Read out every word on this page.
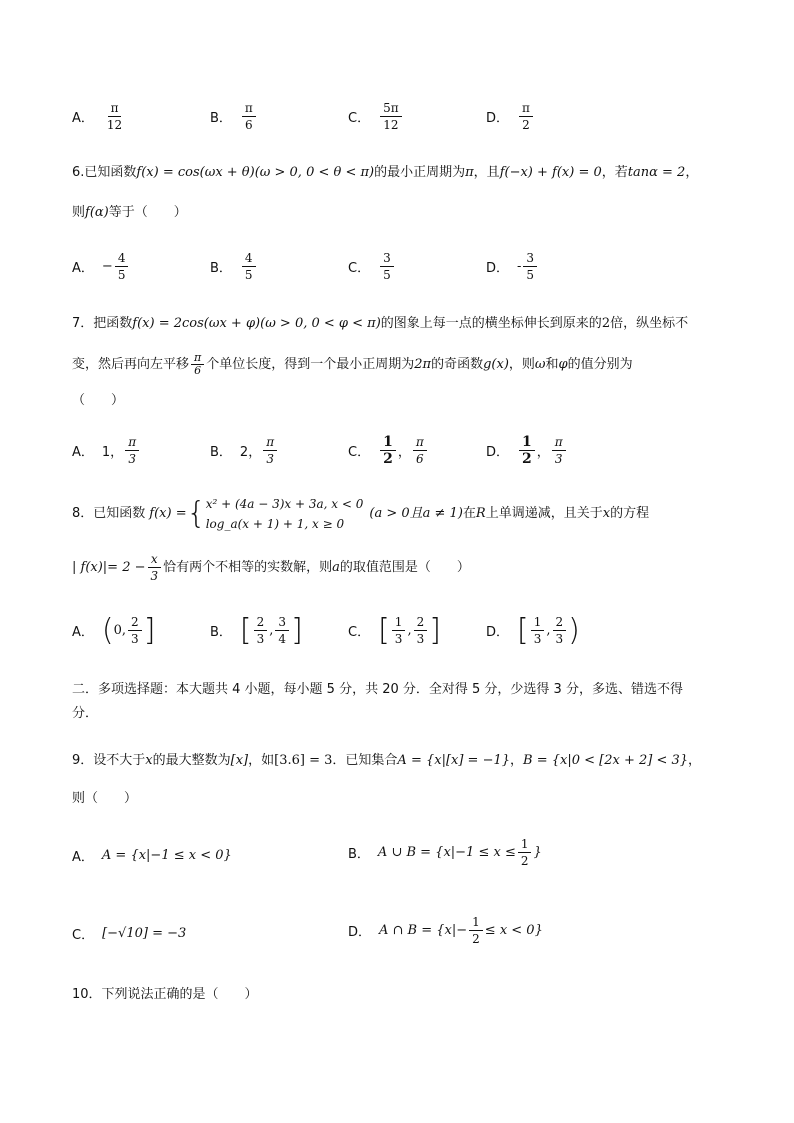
A． $\frac{\pi}{12}$	B． $\frac{\pi}{6}$	C． $\frac{5\pi}{12}$	D． $\frac{\pi}{2}$
6.已知函数f(x) = cos(ωx + θ)(ω > 0, 0 < θ < π)的最小正周期为π，且f(−x) + f(x) = 0，若tanα = 2，
则f(α)等于（　　）
A． − $\frac{4}{5}$	B． $\frac{4}{5}$	C． $\frac{3}{5}$	D． - $\frac{3}{5}$
7．把函数f(x) = 2cos(ωx + φ)(ω > 0, 0 < φ < π)的图象上每一点的横坐标伸长到原来的2倍，纵坐标不
变，然后再向左平移 $\frac{\pi}{6}$ 个单位长度，得到一个最小正周期为 2π 的奇函数 g(x) ，则 ω 和 φ 的值分别为
（　　）
A． 1， $\frac{\pi}{3}$	B． 2， $\frac{\pi}{3}$	C． $\frac{1}{2}$ ， $\frac{\pi}{6}$	D． $\frac{1}{2}$ ， $\frac{\pi}{3}$
8． 已知函数 f(x) = { x² + (4a − 3)x + 3a, x < 0
log_a(x + 1) + 1, x ≥ 0
(a > 0且a ≠ 1) 在 R 上单调递减，且关于 x 的方程
| $f(x)|= 2 - \frac{x}{3}$ 恰有两个不相等的实数解，则 a 的取值范围是（　　）
A． ( 0 , $\frac{2}{3}$ ]	B． [ $\frac{2}{3}$ , $\frac{3}{4}$ ]	C． [ $\frac{1}{3}$ , $\frac{2}{3}$ ]	D． [ $\frac{1}{3}$ , $\frac{2}{3}$ )
二．多项选择题：本大题共 4 小题，每小题 5 分，共 20 分．全对得 5 分，少选得 3 分，多选、错选不得
分．
9．设不大于x的最大整数为[x]，如[3.6] = 3．已知集合A = {x|[x] = −1}，B = {x|0 < [2x + 2] < 3}，
则（　　）
A． A = {x|−1 ≤ x < 0}	B． A ∪ $B = \{x|-1 \le x \le \frac{1}{2}$ }
C． [−√10] = −3	D． A ∩ $B = \{x|- \frac{1}{2} \le x < 0\}$
10．下列说法正确的是（　　）
